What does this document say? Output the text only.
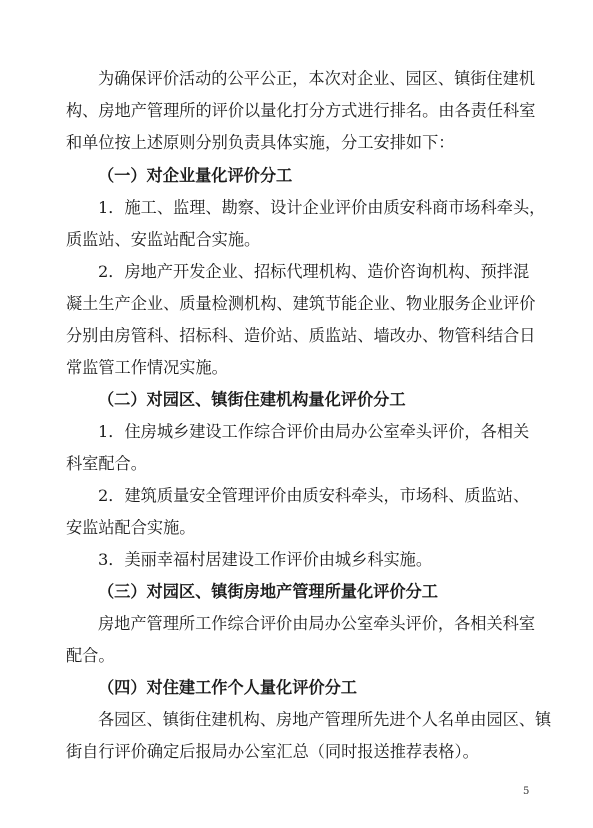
为确保评价活动的公平公正，本次对企业、园区、镇街住建机
构、房地产管理所的评价以量化打分方式进行排名。由各责任科室
和单位按上述原则分别负责具体实施，分工安排如下：
（一）对企业量化评价分工
1．施工、监理、勘察、设计企业评价由质安科商市场科牵头，
质监站、安监站配合实施。
2．房地产开发企业、招标代理机构、造价咨询机构、预拌混
凝土生产企业、质量检测机构、建筑节能企业、物业服务企业评价
分别由房管科、招标科、造价站、质监站、墙改办、物管科结合日
常监管工作情况实施。
（二）对园区、镇街住建机构量化评价分工
1．住房城乡建设工作综合评价由局办公室牵头评价，各相关
科室配合。
2．建筑质量安全管理评价由质安科牵头，市场科、质监站、
安监站配合实施。
3．美丽幸福村居建设工作评价由城乡科实施。
（三）对园区、镇街房地产管理所量化评价分工
房地产管理所工作综合评价由局办公室牵头评价，各相关科室
配合。
（四）对住建工作个人量化评价分工
各园区、镇街住建机构、房地产管理所先进个人名单由园区、镇
街自行评价确定后报局办公室汇总（同时报送推荐表格）。
5
